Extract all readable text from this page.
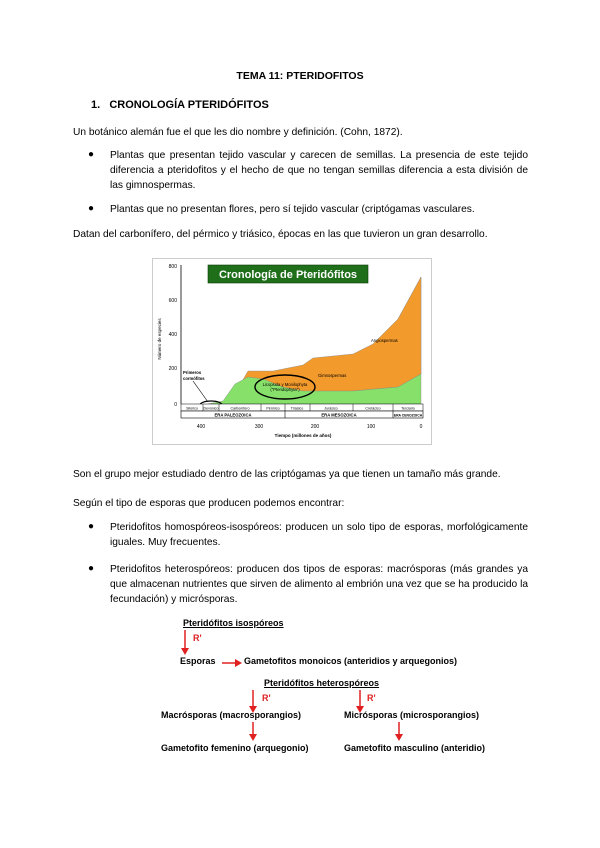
TEMA 11: PTERIDOFITOS
1.   CRONOLOGÍA PTERIDÓFITOS
Un botánico alemán fue el que les dio nombre y definición. (Cohn, 1872).
● Plantas que presentan tejido vascular y carecen de semillas. La presencia de este tejido diferencia a pteridofitos y el hecho de que no tengan semillas diferencia a esta división de las gimnospermas.
● Plantas que no presentan flores, pero sí tejido vascular (criptógamas vasculares.
Datan del carbonífero, del pérmico y triásico, épocas en las que tuvieron un gran desarrollo.
800
600
400
200
0
Número de especies
Primeros
cormófitos
Licopsida y Monilophyta
("Pteridophyta")
Gimnospermas
Angiospermas
Cronología de Pteridófitos
Silúrico Devónico	Carbonífero	Pérmico	Triásico	Jurásico	Cretácico	Terciario
ERA PALEOZOICA	ERA MESOZOICA	ERA CENOZOICA
400	300	200	100	0
Tiempo (millones de años)
Son el grupo mejor estudiado dentro de las criptógamas ya que tienen un tamaño más grande.
Según el tipo de esporas que producen podemos encontrar:
● Pteridofitos homospóreos-isospóreos: producen un solo tipo de esporas, morfológicamente iguales. Muy frecuentes.
● Pteridofitos heterospóreos: producen dos tipos de esporas: macrósporas (más grandes ya que almacenan nutrientes que sirven de alimento al embrión una vez que se ha producido la fecundación) y micrósporas.
Pteridófitos isospóreos
R'
Esporas	Gametofitos monoicos (anteridios y arquegonios)
Pteridófitos heterospóreos
R'	R'
Macrósporas (macrosporangios)	Micrósporas (microsporangios)
Gametofito femenino (arquegonio)	Gametofito masculino (anteridio)
